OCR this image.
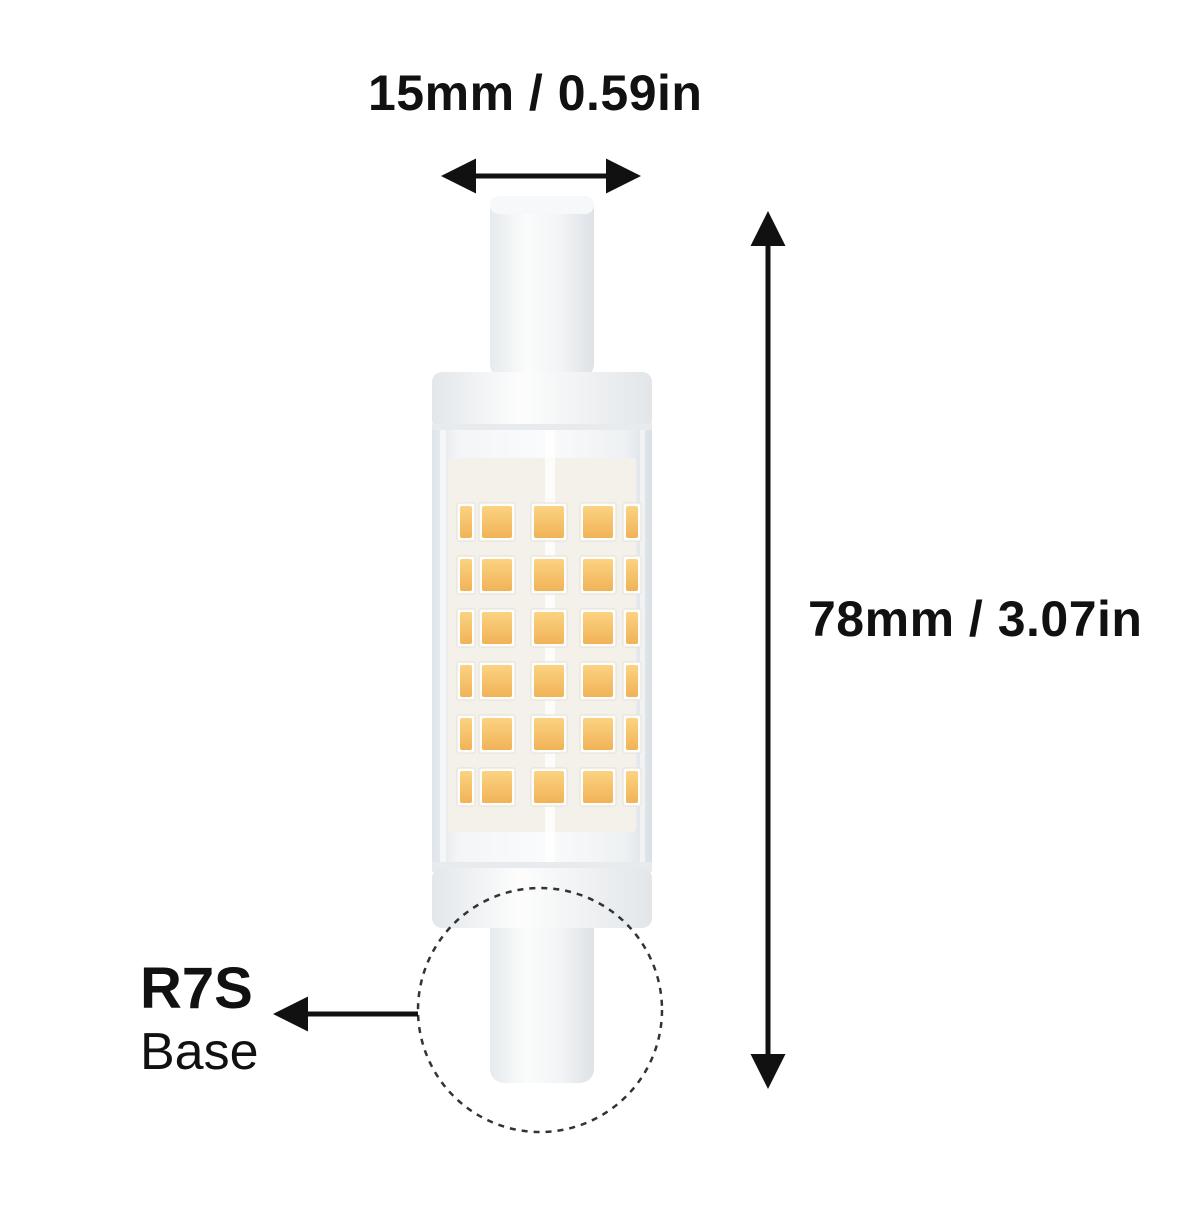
15mm / 0.59in
78mm / 3.07in
R7S
Base
